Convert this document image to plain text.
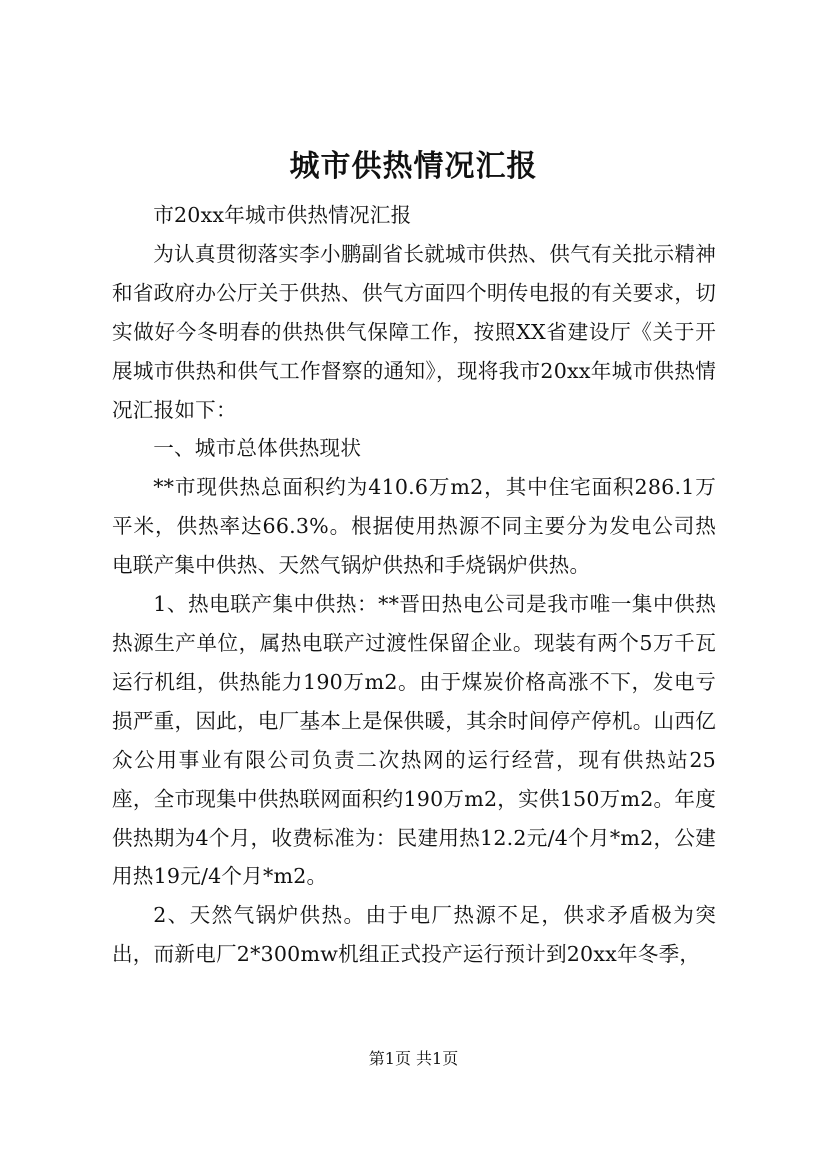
城市供热情况汇报

市20xx年城市供热情况汇报

为认真贯彻落实李小鹏副省长就城市供热、供气有关批示精神和省政府办公厅关于供热、供气方面四个明传电报的有关要求，切实做好今冬明春的供热供气保障工作，按照XX省建设厅《关于开展城市供热和供气工作督察的通知》，现将我市20xx年城市供热情况汇报如下：

一、城市总体供热现状

**市现供热总面积约为410.6万m2，其中住宅面积286.1万平米，供热率达66.3%。根据使用热源不同主要分为发电公司热电联产集中供热、天然气锅炉供热和手烧锅炉供热。

1、热电联产集中供热：**晋田热电公司是我市唯一集中供热热源生产单位，属热电联产过渡性保留企业。现装有两个5万千瓦运行机组，供热能力190万m2。由于煤炭价格高涨不下，发电亏损严重，因此，电厂基本上是保供暖，其余时间停产停机。山西亿众公用事业有限公司负责二次热网的运行经营，现有供热站25座，全市现集中供热联网面积约190万m2，实供150万m2。年度供热期为4个月，收费标准为：民建用热12.2元/4个月*m2，公建用热19元/4个月*m2。

2、天然气锅炉供热。由于电厂热源不足，供求矛盾极为突出，而新电厂2*300mw机组正式投产运行预计到20xx年冬季，

第1页 共1页
